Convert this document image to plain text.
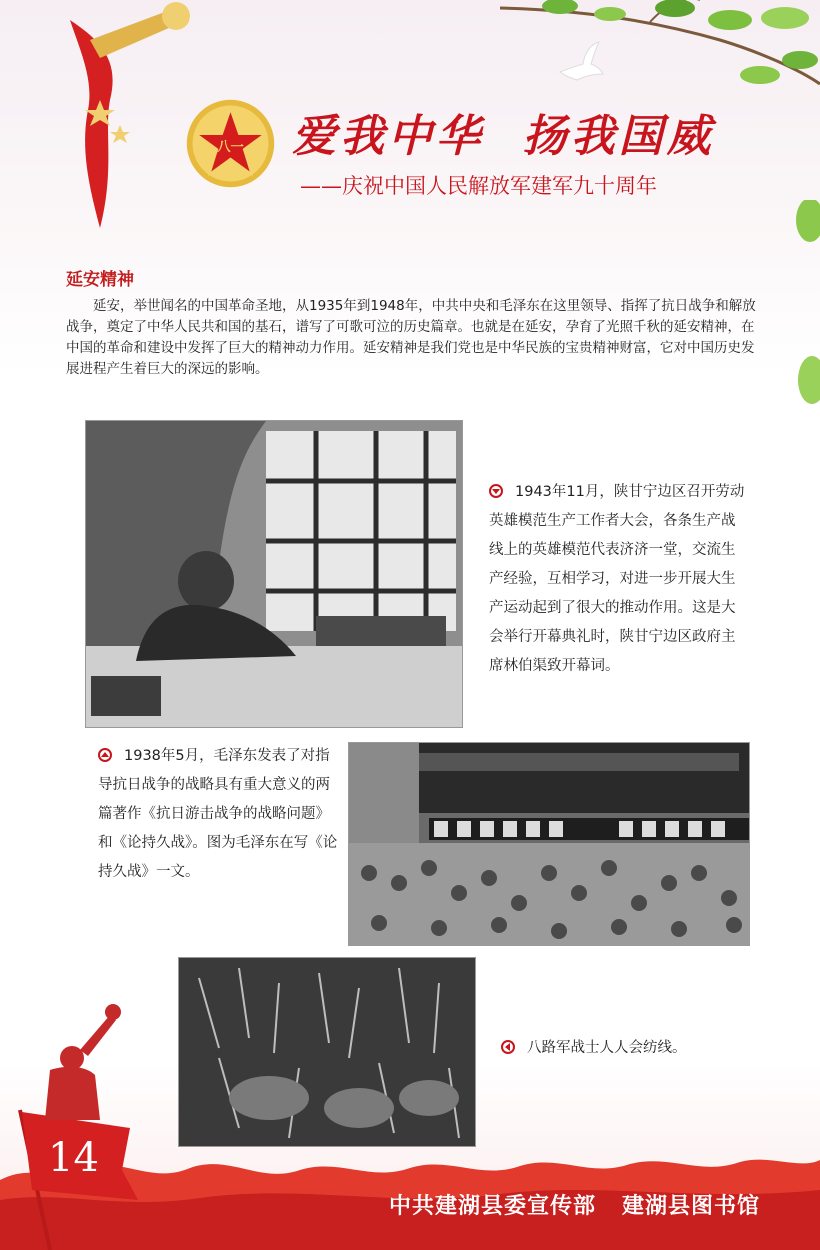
八一 爱我中华  扬我国威
——庆祝中国人民解放军建军九十周年
延安精神
延安，举世闻名的中国革命圣地，从1935年到1948年，中共中央和毛泽东在这里领导、指挥了抗日战争和解放战争，奠定了中华人民共和国的基石，谱写了可歌可泣的历史篇章。也就是在延安，孕育了光照千秋的延安精神，在中国的革命和建设中发挥了巨大的精神动力作用。延安精神是我们党也是中华民族的宝贵精神财富，它对中国历史发展进程产生着巨大的深远的影响。
1943年11月，陕甘宁边区召开劳动英雄模范生产工作者大会，各条生产战线上的英雄模范代表济济一堂，交流生产经验，互相学习，对进一步开展大生产运动起到了很大的推动作用。这是大会举行开幕典礼时，陕甘宁边区政府主席林伯渠致开幕词。
1938年5月，毛泽东发表了对指导抗日战争的战略具有重大意义的两篇著作《抗日游击战争的战略问题》和《论持久战》。图为毛泽东在写《论持久战》一文。
八路军战士人人会纺线。
14
中共建湖县委宣传部   建湖县图书馆
